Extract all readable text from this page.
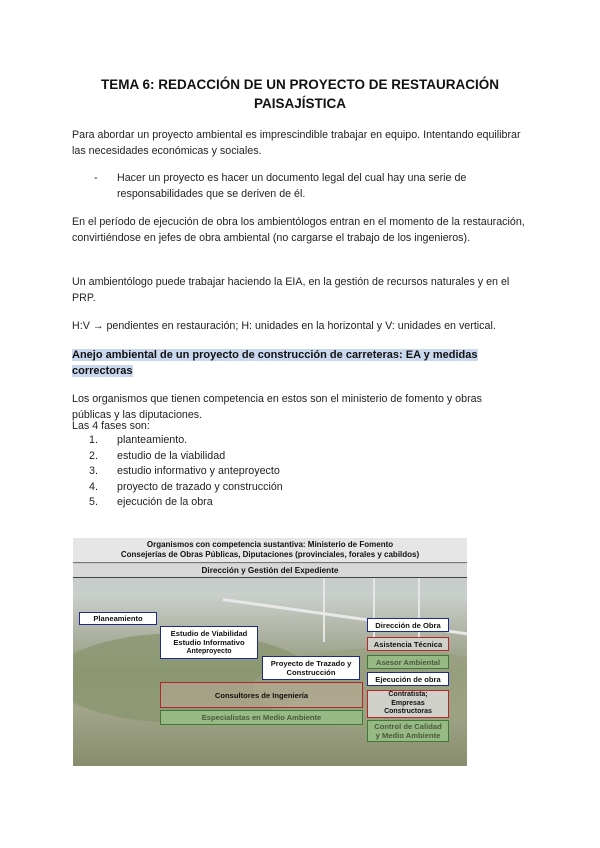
TEMA 6: REDACCIÓN DE UN PROYECTO DE RESTAURACIÓN PAISAJÍSTICA
Para abordar un proyecto ambiental es imprescindible trabajar en equipo. Intentando equilibrar las necesidades económicas y sociales.
- Hacer un proyecto es hacer un documento legal del cual hay una serie de responsabilidades que se deriven de él.
En el período de ejecución de obra los ambientólogos entran en el momento de la restauración, convirtiéndose en jefes de obra ambiental (no cargarse el trabajo de los ingenieros).
Un ambientólogo puede trabajar haciendo la EIA, en la gestión de recursos naturales y en el PRP.
H:V → pendientes en restauración; H: unidades en la horizontal y V: unidades en vertical.
Anejo ambiental de un proyecto de construcción de carreteras: EA y medidas correctoras
Los organismos que tienen competencia en estos son el ministerio de fomento y obras públicas y las diputaciones.
Las 4 fases son:
1. planteamiento.
2. estudio de la viabilidad
3. estudio informativo y anteproyecto
4. proyecto de trazado y construcción
5. ejecución de la obra
Organismos con competencia sustantiva: Ministerio de Fomento
Consejerías de Obras Públicas, Diputaciones (provinciales, forales y cabildos)
Dirección y Gestión del Expediente
Planeamiento
Estudio de Viabilidad
Estudio Informativo
Anteproyecto
Proyecto de Trazado y
Construcción
Consultores de Ingeniería
Especialistas en Medio Ambiente
Dirección de Obra
Asistencia Técnica
Asesor Ambiental
Ejecución de obra
Contratista;
Empresas
Constructoras
Control de Calidad
y Medio Ambiente
